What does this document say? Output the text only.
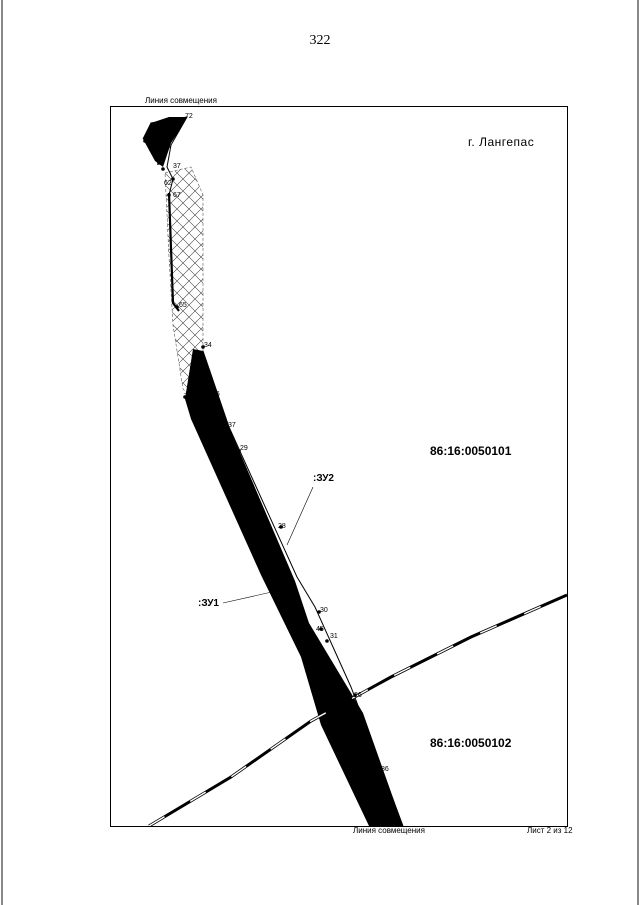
322
72
59 60
73 68
74 37
62
67
65
34
52
35
75
70	36
58
37
29
28
30
57
45
31
56
26
69
86
82
61
Линия совмещения
г. Лангепас
86:16:0050101
:ЗУ2
:ЗУ1
86:16:0050102
Линия совмещения	Лист 2 из 12
